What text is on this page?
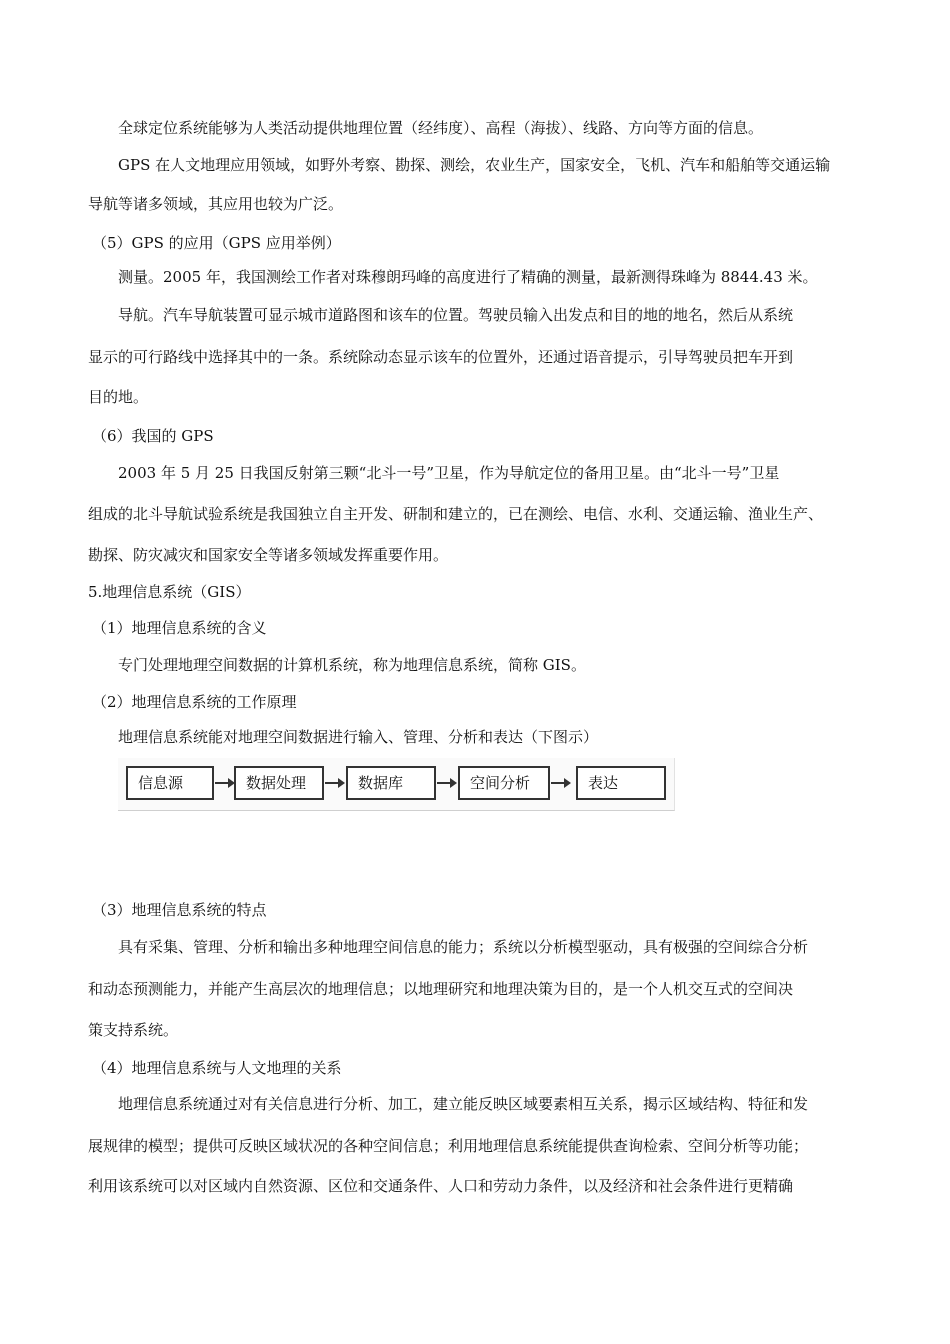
全球定位系统能够为人类活动提供地理位置（经纬度）、高程（海拔）、线路、方向等方面的信息。
GPS 在人文地理应用领域，如野外考察、勘探、测绘，农业生产，国家安全，飞机、汽车和船舶等交通运输
导航等诸多领域，其应用也较为广泛。
（5）GPS 的应用（GPS 应用举例）
测量。2005 年，我国测绘工作者对珠穆朗玛峰的高度进行了精确的测量，最新测得珠峰为 8844.43 米。
导航。汽车导航装置可显示城市道路图和该车的位置。驾驶员输入出发点和目的地的地名，然后从系统
显示的可行路线中选择其中的一条。系统除动态显示该车的位置外，还通过语音提示，引导驾驶员把车开到
目的地。
（6）我国的 GPS
2003 年 5 月 25 日我国反射第三颗“北斗一号”卫星，作为导航定位的备用卫星。由“北斗一号”卫星
组成的北斗导航试验系统是我国独立自主开发、研制和建立的，已在测绘、电信、水利、交通运输、渔业生产、
勘探、防灾减灾和国家安全等诸多领域发挥重要作用。
5.地理信息系统（GIS）
（1）地理信息系统的含义
专门处理地理空间数据的计算机系统，称为地理信息系统，简称 GIS。
（2）地理信息系统的工作原理
地理信息系统能对地理空间数据进行输入、管理、分析和表达（下图示）
信息源	数据处理	数据库	空间分析	表达
（3）地理信息系统的特点
具有采集、管理、分析和输出多种地理空间信息的能力；系统以分析模型驱动，具有极强的空间综合分析
和动态预测能力，并能产生高层次的地理信息；以地理研究和地理决策为目的，是一个人机交互式的空间决
策支持系统。
（4）地理信息系统与人文地理的关系
地理信息系统通过对有关信息进行分析、加工，建立能反映区域要素相互关系，揭示区域结构、特征和发
展规律的模型；提供可反映区域状况的各种空间信息；利用地理信息系统能提供查询检索、空间分析等功能；
利用该系统可以对区域内自然资源、区位和交通条件、人口和劳动力条件，以及经济和社会条件进行更精确
